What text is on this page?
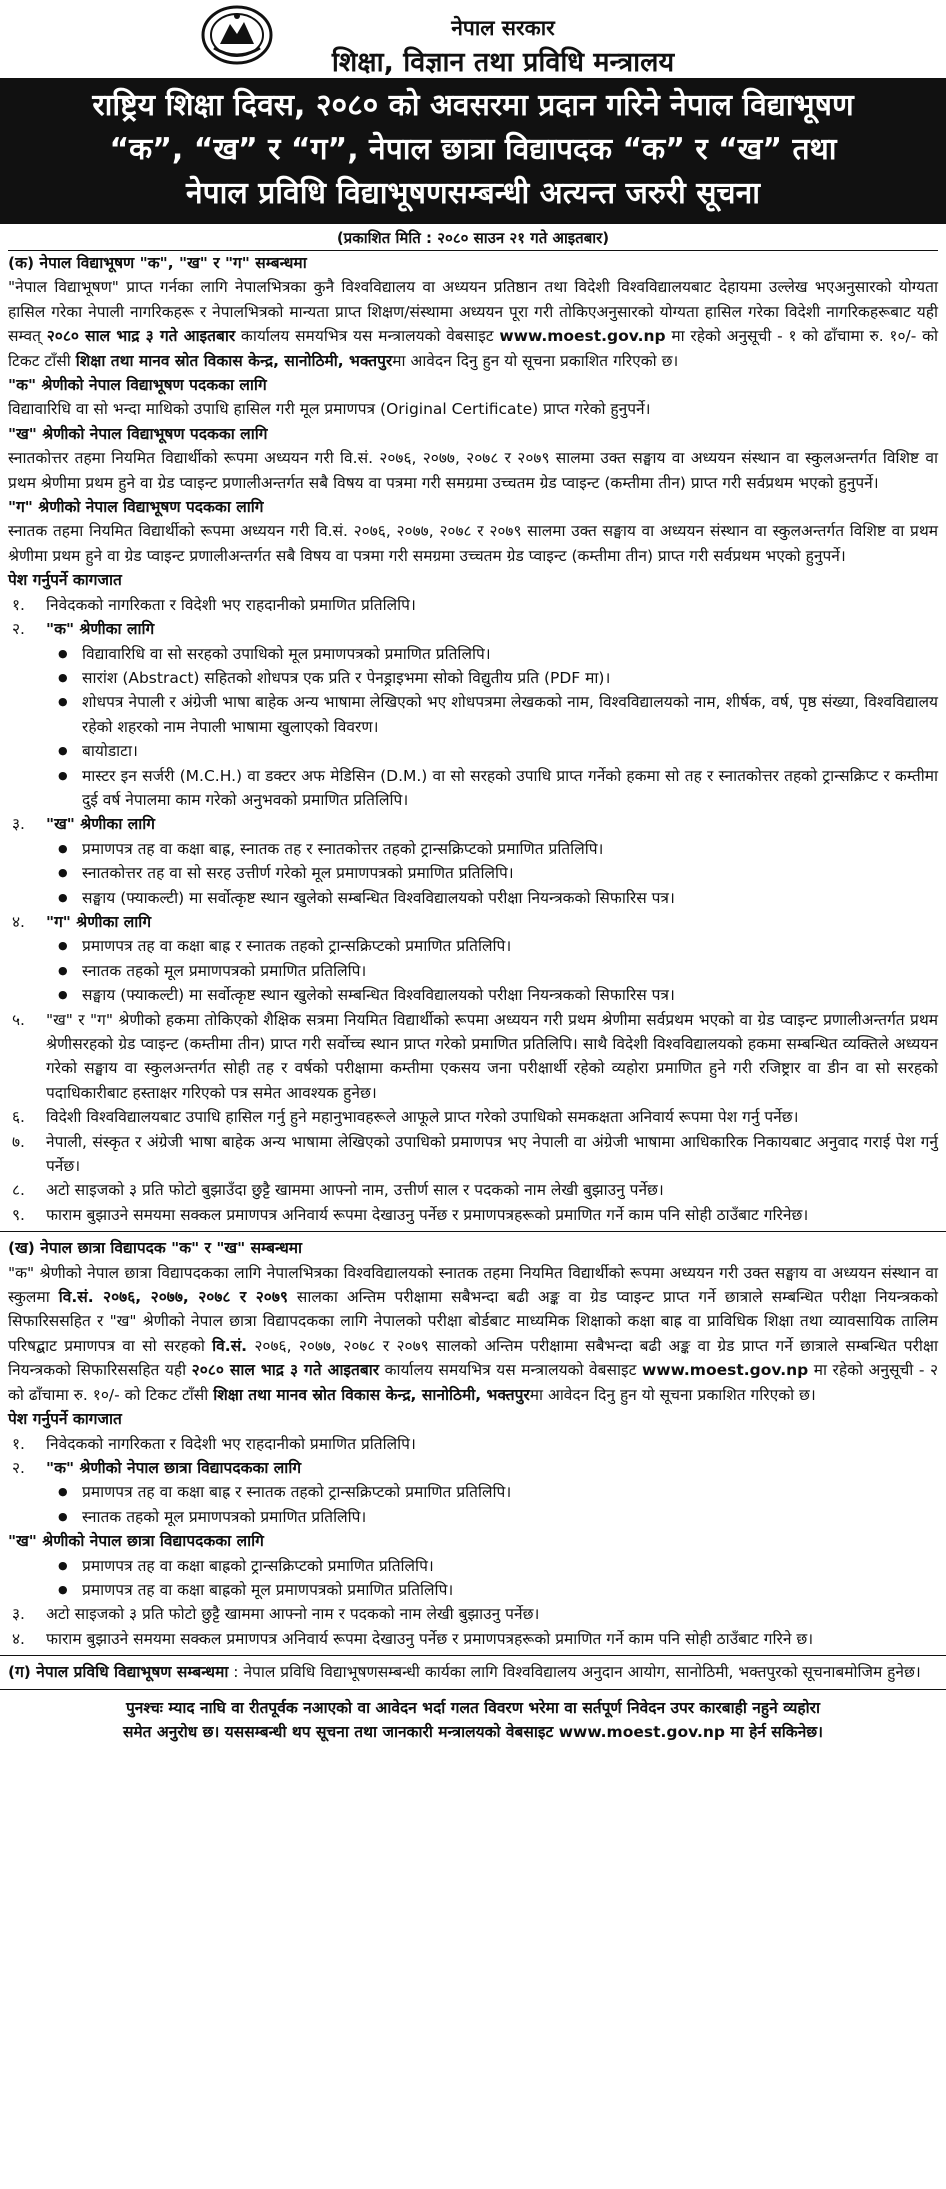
नेपाल सरकार
शिक्षा, विज्ञान तथा प्रविधि मन्त्रालय
राष्ट्रिय शिक्षा दिवस, २०८० को अवसरमा प्रदान गरिने नेपाल विद्याभूषण
“क”, “ख” र “ग”, नेपाल छात्रा विद्यापदक “क” र “ख” तथा
नेपाल प्रविधि विद्याभूषणसम्बन्धी अत्यन्त जरुरी सूचना
(प्रकाशित मिति : २०८० साउन २१ गते आइतबार)

(क) नेपाल विद्याभूषण "क", "ख" र "ग" सम्बन्धमा

"नेपाल विद्याभूषण" प्राप्त गर्नका लागि नेपालभित्रका कुनै विश्वविद्यालय वा अध्ययन प्रतिष्ठान तथा विदेशी विश्वविद्यालयबाट देहायमा उल्लेख भएअनुसारको योग्यता हासिल गरेका नेपाली नागरिकहरू र नेपालभित्रको मान्यता प्राप्त शिक्षण/संस्थामा अध्ययन पूरा गरी तोकिएअनुसारको योग्यता हासिल गरेका विदेशी नागरिकहरूबाट यही सम्वत् २०८० साल भाद्र ३ गते आइतबार कार्यालय समयभित्र यस मन्त्रालयको वेबसाइट www.moest.gov.np मा रहेको अनुसूची - १ को ढाँचामा रु. १०/- को टिकट टाँसी शिक्षा तथा मानव स्रोत विकास केन्द्र, सानोठिमी, भक्तपुरमा आवेदन दिनु हुन यो सूचना प्रकाशित गरिएको छ।

"क" श्रेणीको नेपाल विद्याभूषण पदकका लागि

विद्यावारिधि वा सो भन्दा माथिको उपाधि हासिल गरी मूल प्रमाणपत्र (Original Certificate) प्राप्त गरेको हुनुपर्ने।

"ख" श्रेणीको नेपाल विद्याभूषण पदकका लागि

स्नातकोत्तर तहमा नियमित विद्यार्थीको रूपमा अध्ययन गरी वि.सं. २०७६, २०७७, २०७८ र २०७९ सालमा उक्त सङ्घाय वा अध्ययन संस्थान वा स्कुलअन्तर्गत विशिष्ट वा प्रथम श्रेणीमा प्रथम हुने वा ग्रेड प्वाइन्ट प्रणालीअन्तर्गत सबै विषय वा पत्रमा गरी समग्रमा उच्चतम ग्रेड प्वाइन्ट (कम्तीमा तीन) प्राप्त गरी सर्वप्रथम भएको हुनुपर्ने।

"ग" श्रेणीको नेपाल विद्याभूषण पदकका लागि

स्नातक तहमा नियमित विद्यार्थीको रूपमा अध्ययन गरी वि.सं. २०७६, २०७७, २०७८ र २०७९ सालमा उक्त सङ्घाय वा अध्ययन संस्थान वा स्कुलअन्तर्गत विशिष्ट वा प्रथम श्रेणीमा प्रथम हुने वा ग्रेड प्वाइन्ट प्रणालीअन्तर्गत सबै विषय वा पत्रमा गरी समग्रमा उच्चतम ग्रेड प्वाइन्ट (कम्तीमा तीन) प्राप्त गरी सर्वप्रथम भएको हुनुपर्ने।

पेश गर्नुपर्ने कागजात

१.	निवेदकको नागरिकता र विदेशी भए राहदानीको प्रमाणित प्रतिलिपि।
२.	"क" श्रेणीका लागि
● विद्यावारिधि वा सो सरहको उपाधिको मूल प्रमाणपत्रको प्रमाणित प्रतिलिपि।
● सारांश (Abstract) सहितको शोधपत्र एक प्रति र पेनड्राइभमा सोको विद्युतीय प्रति (PDF मा)।
● शोधपत्र नेपाली र अंग्रेजी भाषा बाहेक अन्य भाषामा लेखिएको भए शोधपत्रमा लेखकको नाम, विश्वविद्यालयको नाम, शीर्षक, वर्ष, पृष्ठ संख्या, विश्वविद्यालय रहेको शहरको नाम नेपाली भाषामा खुलाएको विवरण।
● बायोडाटा।
● मास्टर इन सर्जरी (M.C.H.) वा डक्टर अफ मेडिसिन (D.M.) वा सो सरहको उपाधि प्राप्त गर्नेको हकमा सो तह र स्नातकोत्तर तहको ट्रान्सक्रिप्ट र कम्तीमा दुई वर्ष नेपालमा काम गरेको अनुभवको प्रमाणित प्रतिलिपि।
३.	"ख" श्रेणीका लागि
● प्रमाणपत्र तह वा कक्षा बाह्र, स्नातक तह र स्नातकोत्तर तहको ट्रान्सक्रिप्टको प्रमाणित प्रतिलिपि।
● स्नातकोत्तर तह वा सो सरह उत्तीर्ण गरेको मूल प्रमाणपत्रको प्रमाणित प्रतिलिपि।
● सङ्घाय (फ्याकल्टी) मा सर्वोत्कृष्ट स्थान खुलेको सम्बन्धित विश्वविद्यालयको परीक्षा नियन्त्रकको सिफारिस पत्र।
४.	"ग" श्रेणीका लागि
● प्रमाणपत्र तह वा कक्षा बाह्र र स्नातक तहको ट्रान्सक्रिप्टको प्रमाणित प्रतिलिपि।
● स्नातक तहको मूल प्रमाणपत्रको प्रमाणित प्रतिलिपि।
● सङ्घाय (फ्याकल्टी) मा सर्वोत्कृष्ट स्थान खुलेको सम्बन्धित विश्वविद्यालयको परीक्षा नियन्त्रकको सिफारिस पत्र।
५.	"ख" र "ग" श्रेणीको हकमा तोकिएको शैक्षिक सत्रमा नियमित विद्यार्थीको रूपमा अध्ययन गरी प्रथम श्रेणीमा सर्वप्रथम भएको वा ग्रेड प्वाइन्ट प्रणालीअन्तर्गत प्रथम श्रेणीसरहको ग्रेड प्वाइन्ट (कम्तीमा तीन) प्राप्त गरी सर्वोच्च स्थान प्राप्त गरेको प्रमाणित प्रतिलिपि। साथै विदेशी विश्वविद्यालयको हकमा सम्बन्धित व्यक्तिले अध्ययन गरेको सङ्घाय वा स्कुलअन्तर्गत सोही तह र वर्षको परीक्षामा कम्तीमा एकसय जना परीक्षार्थी रहेको व्यहोरा प्रमाणित हुने गरी रजिष्ट्रार वा डीन वा सो सरहको पदाधिकारीबाट हस्ताक्षर गरिएको पत्र समेत आवश्यक हुनेछ।
६.	विदेशी विश्वविद्यालयबाट उपाधि हासिल गर्नु हुने महानुभावहरूले आफूले प्राप्त गरेको उपाधिको समकक्षता अनिवार्य रूपमा पेश गर्नु पर्नेछ।
७.	नेपाली, संस्कृत र अंग्रेजी भाषा बाहेक अन्य भाषामा लेखिएको उपाधिको प्रमाणपत्र भए नेपाली वा अंग्रेजी भाषामा आधिकारिक निकायबाट अनुवाद गराई पेश गर्नु पर्नेछ।
८.	अटो साइजको ३ प्रति फोटो बुझाउँदा छुट्टै खाममा आफ्नो नाम, उत्तीर्ण साल र पदकको नाम लेखी बुझाउनु पर्नेछ।
९.	फाराम बुझाउने समयमा सक्कल प्रमाणपत्र अनिवार्य रूपमा देखाउनु पर्नेछ र प्रमाणपत्रहरूको प्रमाणित गर्ने काम पनि सोही ठाउँबाट गरिनेछ।

(ख) नेपाल छात्रा विद्यापदक "क" र "ख" सम्बन्धमा

"क" श्रेणीको नेपाल छात्रा विद्यापदकका लागि नेपालभित्रका विश्वविद्यालयको स्नातक तहमा नियमित विद्यार्थीको रूपमा अध्ययन गरी उक्त सङ्घाय वा अध्ययन संस्थान वा स्कुलमा वि.सं. २०७६, २०७७, २०७८ र २०७९ सालका अन्तिम परीक्षामा सबैभन्दा बढी अङ्क वा ग्रेड प्वाइन्ट प्राप्त गर्ने छात्राले सम्बन्धित परीक्षा नियन्त्रकको सिफारिससहित र "ख" श्रेणीको नेपाल छात्रा विद्यापदकका लागि नेपालको परीक्षा बोर्डबाट माध्यमिक शिक्षाको कक्षा बाह्र वा प्राविधिक शिक्षा तथा व्यावसायिक तालिम परिषद्बाट प्रमाणपत्र वा सो सरहको वि.सं. २०७६, २०७७, २०७८ र २०७९ सालको अन्तिम परीक्षामा सबैभन्दा बढी अङ्क वा ग्रेड प्राप्त गर्ने छात्राले सम्बन्धित परीक्षा नियन्त्रकको सिफारिससहित यही २०८० साल भाद्र ३ गते आइतबार कार्यालय समयभित्र यस मन्त्रालयको वेबसाइट www.moest.gov.np मा रहेको अनुसूची - २ को ढाँचामा रु. १०/- को टिकट टाँसी शिक्षा तथा मानव स्रोत विकास केन्द्र, सानोठिमी, भक्तपुरमा आवेदन दिनु हुन यो सूचना प्रकाशित गरिएको छ।

पेश गर्नुपर्ने कागजात

१.	निवेदकको नागरिकता र विदेशी भए राहदानीको प्रमाणित प्रतिलिपि।
२.	"क" श्रेणीको नेपाल छात्रा विद्यापदकका लागि
● प्रमाणपत्र तह वा कक्षा बाह्र र स्नातक तहको ट्रान्सक्रिप्टको प्रमाणित प्रतिलिपि।
● स्नातक तहको मूल प्रमाणपत्रको प्रमाणित प्रतिलिपि।

"ख" श्रेणीको नेपाल छात्रा विद्यापदकका लागि

● प्रमाणपत्र तह वा कक्षा बाह्रको ट्रान्सक्रिप्टको प्रमाणित प्रतिलिपि।
● प्रमाणपत्र तह वा कक्षा बाह्रको मूल प्रमाणपत्रको प्रमाणित प्रतिलिपि।
३.	अटो साइजको ३ प्रति फोटो छुट्टै खाममा आफ्नो नाम र पदकको नाम लेखी बुझाउनु पर्नेछ।
४.	फाराम बुझाउने समयमा सक्कल प्रमाणपत्र अनिवार्य रूपमा देखाउनु पर्नेछ र प्रमाणपत्रहरूको प्रमाणित गर्ने काम पनि सोही ठाउँबाट गरिने छ।

(ग) नेपाल प्रविधि विद्याभूषण सम्बन्धमा : नेपाल प्रविधि विद्याभूषणसम्बन्धी कार्यका लागि विश्वविद्यालय अनुदान आयोग, सानोठिमी, भक्तपुरको सूचनाबमोजिम हुनेछ।

पुनश्चः म्याद नाघि वा रीतपूर्वक नआएको वा आवेदन भर्दा गलत विवरण भरेमा वा सर्तपूर्ण निवेदन उपर कारबाही नहुने व्यहोरा
समेत अनुरोध छ। यससम्बन्धी थप सूचना तथा जानकारी मन्त्रालयको वेबसाइट www.moest.gov.np मा हेर्न सकिनेछ।
